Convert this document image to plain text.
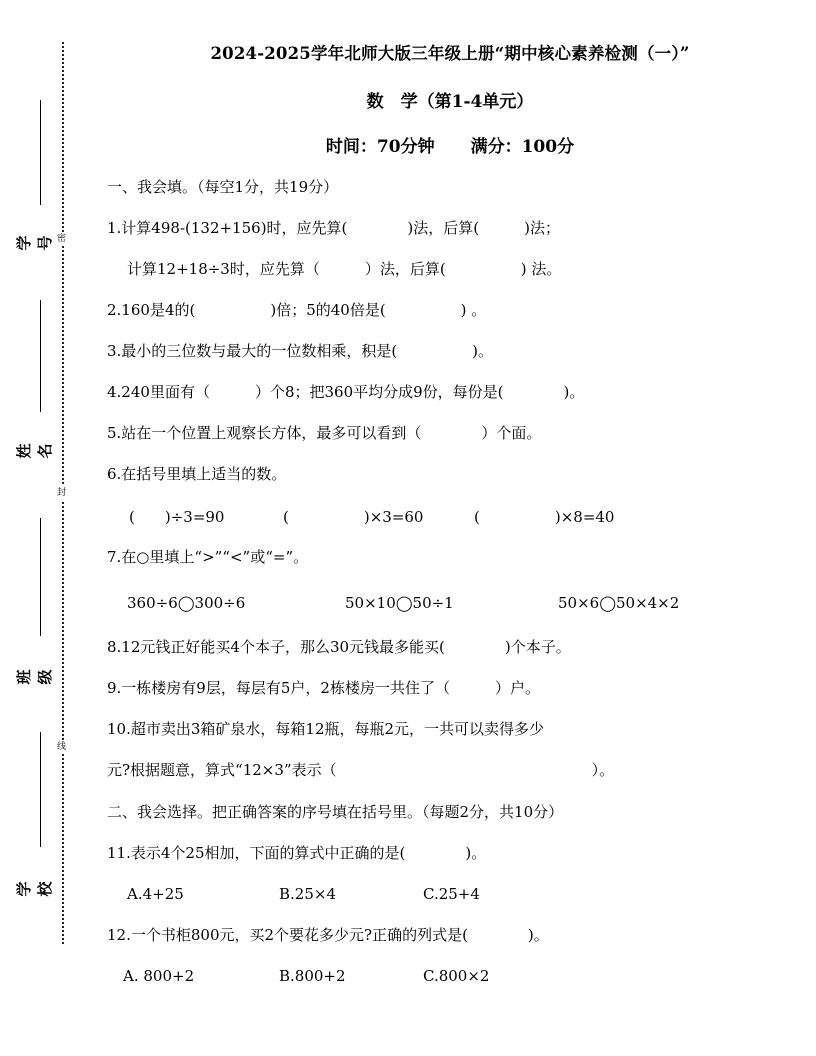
密
封
线
学号
姓名
班级
学校
2024-2025学年北师大版三年级上册“期中核心素养检测（一）”
数　学（第1-4单元）
时间：70分钟 满分：100分
一、我会填。（每空1分，共19分）
1.计算498-(132+156)时，应先算(　　　　)法，后算(　　　)法；
计算12+18÷3时，应先算（　　　）法，后算(　　　　　) 法。
2.160是4的(　　　　　)倍；5的40倍是(　　　　　) 。
3.最小的三位数与最大的一位数相乘，积是(　　　　　)。
4.240里面有（　　　）个8；把360平均分成9份，每份是(　　　　)。
5.站在一个位置上观察长方体，最多可以看到（　　　　）个面。
6.在括号里填上适当的数。
(　　)÷3=90	(　　　　　)×3=60	(　　　　　)×8=40
7.在○里填上“>”“<”或“=”。
360÷6◯300÷6	50×10◯50÷1	50×6◯50×4×2
8.12元钱正好能买4个本子，那么30元钱最多能买(　　　　)个本子。
9.一栋楼房有9层，每层有5户，2栋楼房一共住了（　　　）户。
10.超市卖出3箱矿泉水，每箱12瓶，每瓶2元，一共可以卖得多少
元?根据题意，算式“12×3”表示（　　　　　　　　　　　　　　　　　）。
二、我会选择。把正确答案的序号填在括号里。（每题2分，共10分）
11.表示4个25相加，下面的算式中正确的是(　　　　)。
A.4+25	B.25×4	C.25+4
12.一个书柜800元，买2个要花多少元?正确的列式是(　　　　)。
A. 800+2	B.800+2	C.800×2
